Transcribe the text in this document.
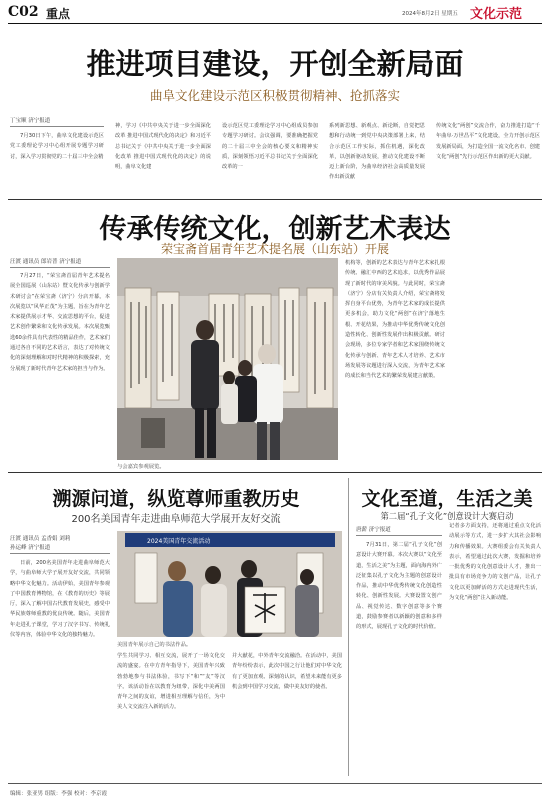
C02 重点	2024年8月2日 星期五 文化示范
推进项目建设，开创全新局面
曲阜文化建设示范区积极贯彻精神、抢抓落实
丁宝顺 济宁报道
7月30日下午，曲阜文化建设示范区党工委理论学习中心组开展专题学习研讨，深入学习贯彻党的二十届三中全会精
神，学习《中共中央关于进一步全面深化改革 推进中国式现代化的决定》和习近平总书记关于《中共中央关于进一步全面深化改革 推进中国式现代化的决定》的说明，曲阜文化建
设示范区党工委理论学习中心组成员参加专题学习研讨。会议强调，要准确把握党的二十届三中全会的核心要义和精神实质，深刻领悟习近平总书记关于全面深化改革的一
系列新思想、新观点、新论断，自觉把思想和行动统一到党中央决策部署上来，结合示范区工作实际，抓住机遇，深化改革，以创新驱动发展，推动文化建设不断迈上新台阶，为曲阜经济社会高质量发展作出新贡献
传统文化“两创”交流合作，奋力推进打造“千年曲阜·万世昌平”文化建设，全力开创示范区发展新局面，为打造全国一流文化名市、创建文化“两创”先行示范区作出新的更大贡献。
传承传统文化，创新艺术表达
荣宝斋首届青年艺术提名展（山东站）开展
汪渡 通讯员 郎岩普 济宁报道
7月27日，“荣宝斋首届青年艺术提名展全国巡展（山东站）暨文化传承与创新学术研讨会”在荣宝斋（济宁）分店开幕。本次展览以“风华正茂”为主题，旨在为青年艺术家提供展示才华、交流思想的平台，促进艺术创作繁荣和文化传承发展。本次展览甄选60余件具有代表性的精品佳作，艺术家们通过各自不同的艺术语言，表达了对传统文化的深刻理解和对时代精神的积极探索，充分展现了新时代青年艺术家的担当与作为。
与会嘉宾参观展览。
机构等，创新的艺术表达与青年艺术家扎根传统、融汇中西的艺术追求，以优秀作品展现了新时代的审美风貌。与此同时，荣宝斋（济宁）分店有关负责人介绍，荣宝斋将发挥自身平台优势，为青年艺术家的成长提供更多机会，助力文化“两创”在济宁落地生根、开花结果，为推动中华优秀传统文化创造性转化、创新性发展作出积极贡献。研讨会现场，多位专家学者和艺术家围绕传统文化传承与创新、青年艺术人才培养、艺术市场发展等议题进行深入交流，为青年艺术家的成长和当代艺术的繁荣发展建言献策。
溯源问道，纵览尊师重教历史
200名美国青年走进曲阜师范大学展开友好交流
汪渡 通讯员 孟香娟 刘莉
孙运峰 济宁报道
日前，200名美国青年走进曲阜师范大学，与曲阜师大学子展开友好交流，共同领略中华文化魅力。活动伊始，美国青年参观了中国教育博物馆，在《教育的历史》等展厅，深入了解中国古代教育发展史，感受中华民族尊师重教的优良传统。随后，美国青年走进孔子课堂，学习了汉字书写、传统礼仪等内容，体验中华文化的独特魅力。
2024美国青年交流活动
美国青年展示自己的书法作品。
学生共同学习、相互交流，展开了一场文化交流的盛宴。在中方青年指导下，美国青年兴致勃勃地参与书法体验，书写下“和”“友”等汉字。该活动旨在以教育为纽带，深化中美两国青年之间的友谊，增进相互理解与信任，为中美人文交流注入新的活力。
并大献花，中外青年交流融洽。在活动中，美国青年纷纷表示，此次中国之行让他们对中华文化有了更加直观、深刻的认识，希望未来能有更多机会到中国学习交流，做中美友好的使者。
文化至道，生活之美
第二届“孔子文化”创意设计大赛启动
唐薪 济宁报道
7月31日，第二届“孔子文化”创意设计大赛开幕。本次大赛以“文化至道，生活之美”为主题，面向海内外广泛征集以孔子文化为主题的创意设计作品，推动中华优秀传统文化创造性转化、创新性发展。大赛设置文创产品、视觉传达、数字创意等多个赛道，鼓励参赛者以新颖的创意和多样的形式，展现孔子文化的时代价值。
记者多方面支持，还将通过重点文化活动展示等方式，进一步扩大其社会影响力和传播效果。大赛组委会有关负责人表示，希望通过此次大赛，发掘和培养一批优秀的文化创意设计人才，推出一批具有市场竞争力的文创产品，让孔子文化以更加鲜活的方式走进现代生活，为文化“两创”注入新动能。
编辑：张亚男 组版：李强 校对：李京霞
